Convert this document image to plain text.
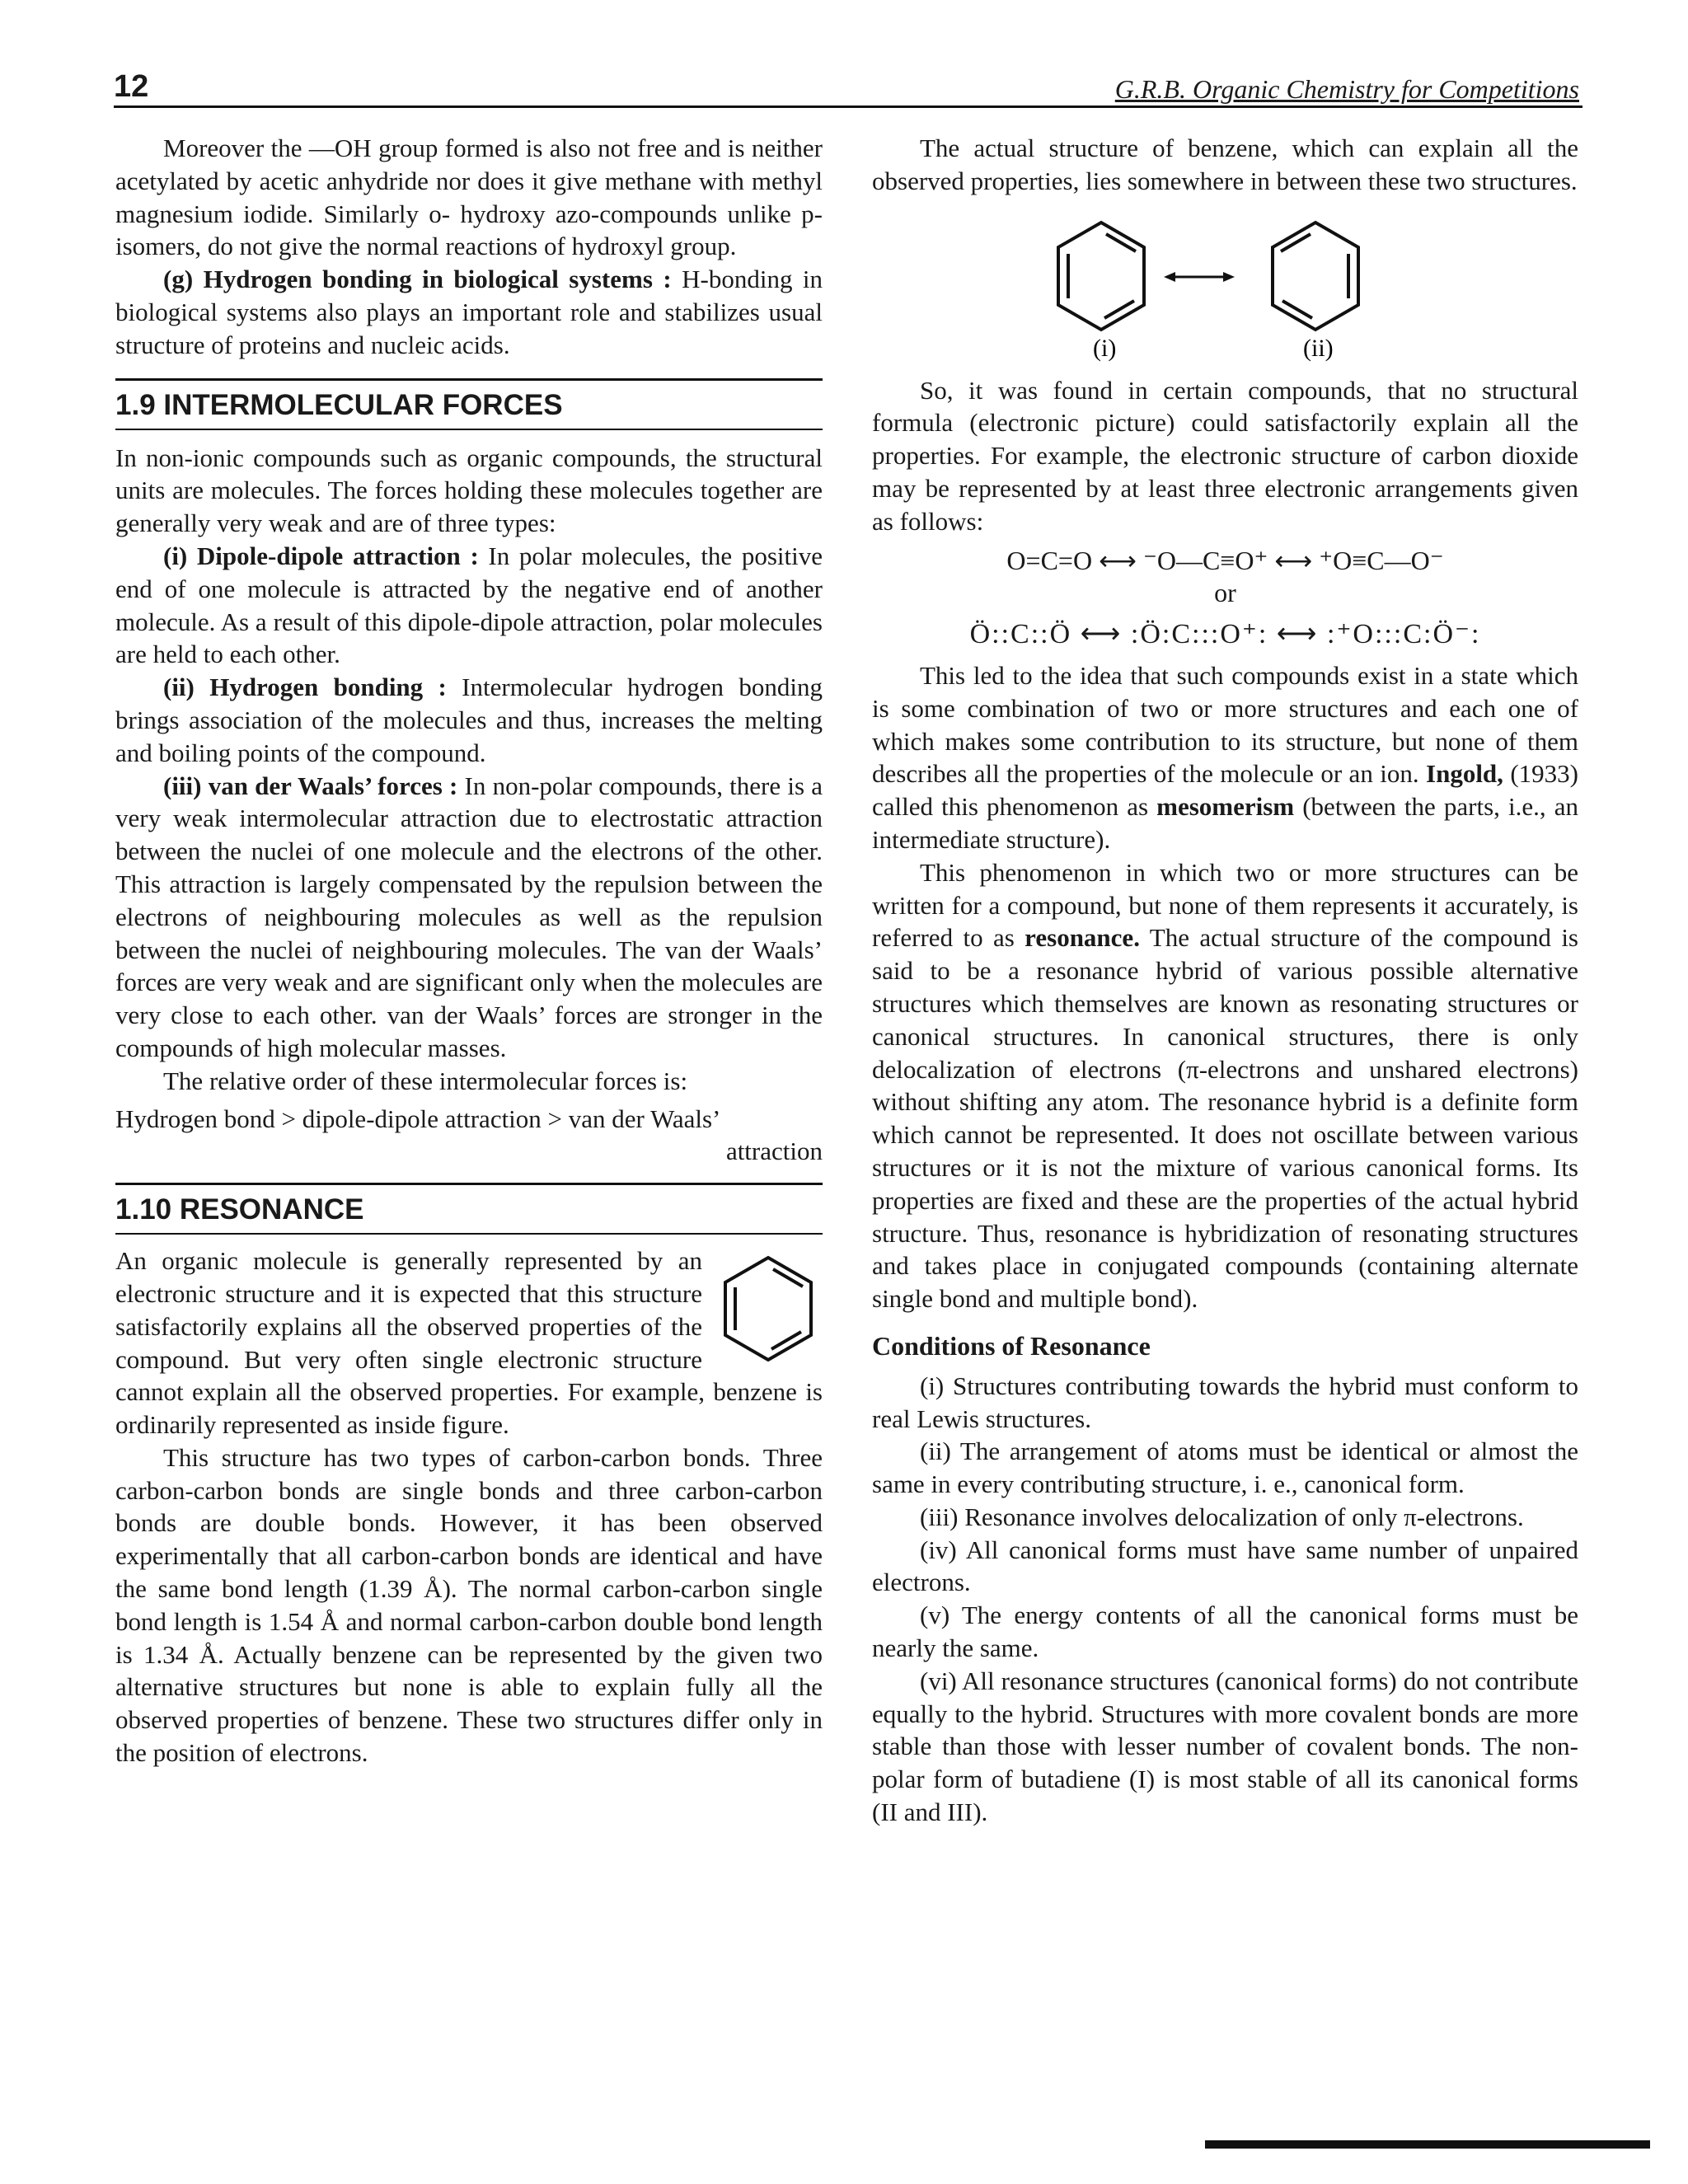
12	G.R.B. Organic Chemistry for Competitions

Moreover the —OH group formed is also not free and is neither acetylated by acetic anhydride nor does it give methane with methyl magnesium iodide. Similarly o- hydroxy azo-compounds unlike p-isomers, do not give the normal reactions of hydroxyl group.

(g) Hydrogen bonding in biological systems : H-bonding in biological systems also plays an important role and stabilizes usual structure of proteins and nucleic acids.

1.9 INTERMOLECULAR FORCES

In non-ionic compounds such as organic compounds, the structural units are molecules. The forces holding these molecules together are generally very weak and are of three types:

(i) Dipole-dipole attraction : In polar molecules, the positive end of one molecule is attracted by the negative end of another molecule. As a result of this dipole-dipole attraction, polar molecules are held to each other.

(ii) Hydrogen bonding : Intermolecular hydrogen bonding brings association of the molecules and thus, increases the melting and boiling points of the compound.

(iii) van der Waals’ forces : In non-polar compounds, there is a very weak intermolecular attraction due to electrostatic attraction between the nuclei of one molecule and the electrons of the other. This attraction is largely compensated by the repulsion between the electrons of neighbouring molecules as well as the repulsion between the nuclei of neighbouring molecules. The van der Waals’ forces are very weak and are significant only when the molecules are very close to each other. van der Waals’ forces are stronger in the compounds of high molecular masses.

The relative order of these intermolecular forces is:

Hydrogen bond > dipole-dipole attraction > van der Waals’

attraction

1.10 RESONANCE

An organic molecule is generally represented by an electronic structure and it is expected that this structure satisfactorily explains all the observed properties of the compound. But very often single electronic structure cannot explain all the observed properties. For example, benzene is ordinarily represented as inside figure.

This structure has two types of carbon-carbon bonds. Three carbon-carbon bonds are single bonds and three carbon-carbon bonds are double bonds. However, it has been observed experimentally that all carbon-carbon bonds are identical and have the same bond length (1.39 Å). The normal carbon-carbon single bond length is 1.54 Å and normal carbon-carbon double bond length is 1.34 Å. Actually benzene can be represented by the given two alternative structures but none is able to explain fully all the observed properties of benzene. These two structures differ only in the position of electrons.

The actual structure of benzene, which can explain all the observed properties, lies somewhere in between these two structures.

(i)	(ii)

So, it was found in certain compounds, that no structural formula (electronic picture) could satisfactorily explain all the properties. For example, the electronic structure of carbon dioxide may be represented by at least three electronic arrangements given as follows:

O=C=O ⟷ ⁻O—C≡O⁺ ⟷ ⁺O≡C—O⁻
or
Ö::C::Ö ⟷ :Ö:C:::O⁺: ⟷ :⁺O:::C:Ö⁻:

This led to the idea that such compounds exist in a state which is some combination of two or more structures and each one of which makes some contribution to its structure, but none of them describes all the properties of the molecule or an ion. Ingold, (1933) called this phenomenon as mesomerism (between the parts, i.e., an intermediate structure).

This phenomenon in which two or more structures can be written for a compound, but none of them represents it accurately, is referred to as resonance. The actual structure of the compound is said to be a resonance hybrid of various possible alternative structures which themselves are known as resonating structures or canonical structures. In canonical structures, there is only delocalization of electrons (π-electrons and unshared electrons) without shifting any atom. The resonance hybrid is a definite form which cannot be represented. It does not oscillate between various structures or it is not the mixture of various canonical forms. Its properties are fixed and these are the properties of the actual hybrid structure. Thus, resonance is hybridization of resonating structures and takes place in conjugated compounds (containing alternate single bond and multiple bond).

Conditions of Resonance

(i) Structures contributing towards the hybrid must conform to real Lewis structures.

(ii) The arrangement of atoms must be identical or almost the same in every contributing structure, i. e., canonical form.

(iii) Resonance involves delocalization of only π-electrons.

(iv) All canonical forms must have same number of unpaired electrons.

(v) The energy contents of all the canonical forms must be nearly the same.

(vi) All resonance structures (canonical forms) do not contribute equally to the hybrid. Structures with more covalent bonds are more stable than those with lesser number of covalent bonds. The non-polar form of butadiene (I) is most stable of all its canonical forms (II and III).
